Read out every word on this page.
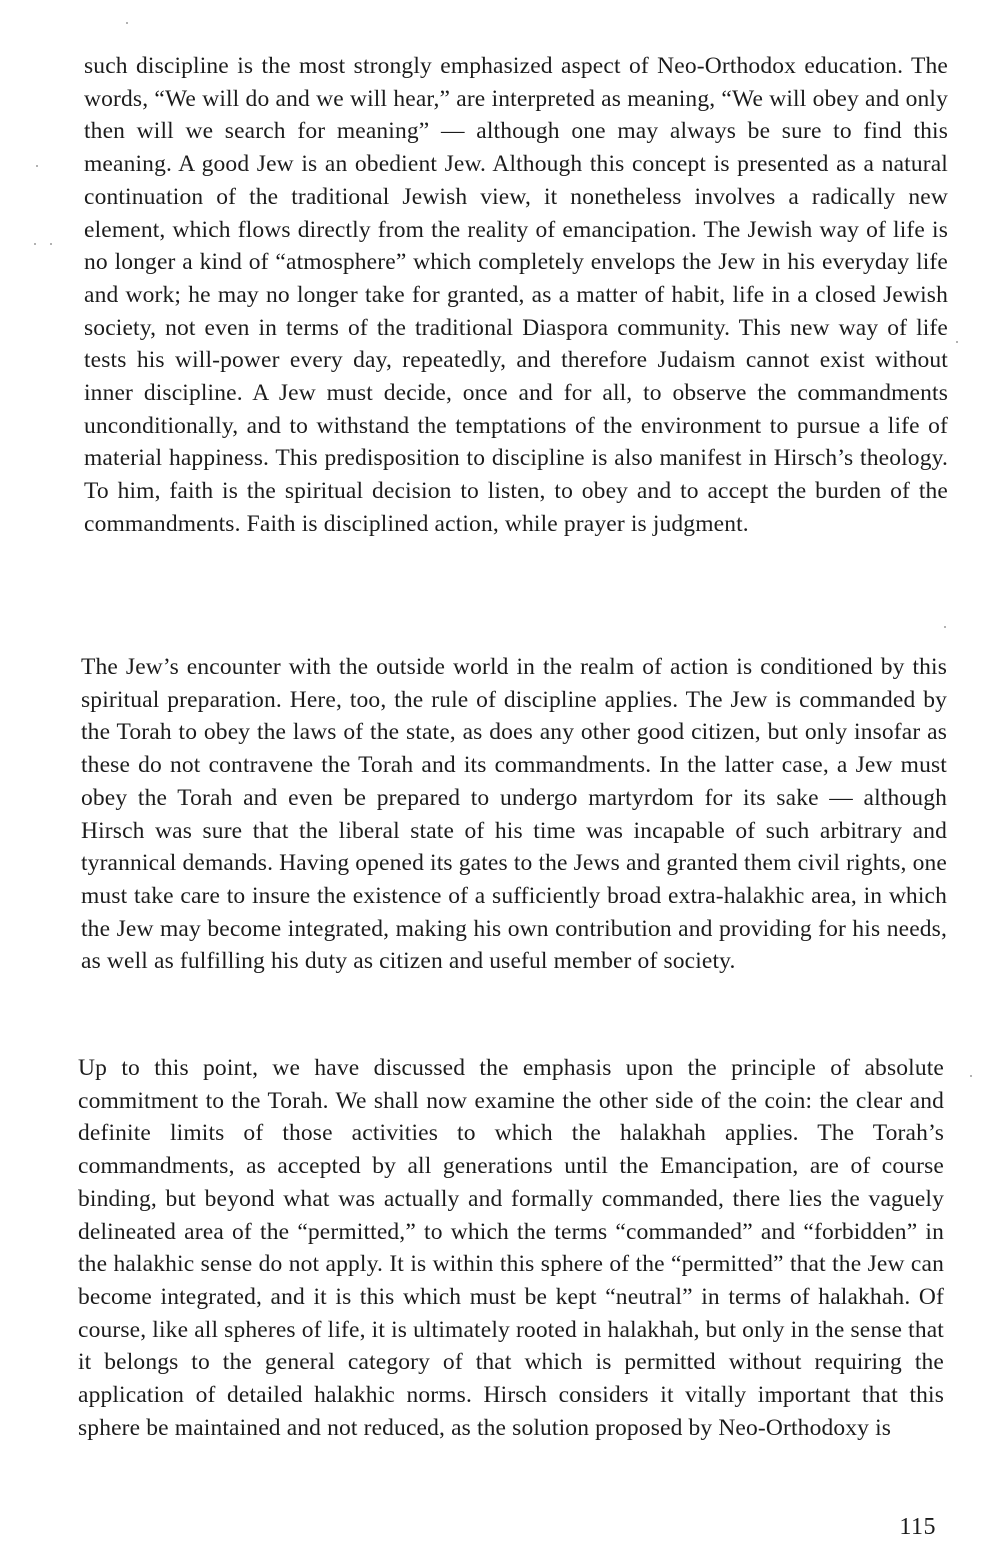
such discipline is the most strongly emphasized aspect of Neo-Orthodox education. The words, “We will do and we will hear,” are interpreted as meaning, “We will obey and only then will we search for meaning” — although one may always be sure to find this meaning. A good Jew is an obedient Jew. Although this concept is presented as a natural continuation of the traditional Jewish view, it nonetheless involves a radically new element, which flows directly from the reality of emancipation. The Jewish way of life is no longer a kind of “atmosphere” which completely envelops the Jew in his everyday life and work; he may no longer take for granted, as a matter of habit, life in a closed Jewish society, not even in terms of the traditional Diaspora community. This new way of life tests his will-power every day, repeatedly, and therefore Judaism cannot exist without inner discipline. A Jew must decide, once and for all, to observe the commandments unconditionally, and to withstand the temptations of the environment to pursue a life of material happiness. This predisposition to discipline is also manifest in Hirsch’s theology. To him, faith is the spiritual decision to listen, to obey and to accept the burden of the commandments. Faith is disciplined action, while prayer is judgment.

The Jew’s encounter with the outside world in the realm of action is conditioned by this spiritual preparation. Here, too, the rule of discipline applies. The Jew is commanded by the Torah to obey the laws of the state, as does any other good citizen, but only insofar as these do not contravene the Torah and its commandments. In the latter case, a Jew must obey the Torah and even be prepared to undergo martyrdom for its sake — although Hirsch was sure that the liberal state of his time was incapable of such arbitrary and tyrannical demands. Having opened its gates to the Jews and granted them civil rights, one must take care to insure the existence of a sufficiently broad extra-halakhic area, in which the Jew may become integrated, making his own contribution and providing for his needs, as well as fulfilling his duty as citizen and useful member of society.

Up to this point, we have discussed the emphasis upon the principle of absolute commitment to the Torah. We shall now examine the other side of the coin: the clear and definite limits of those activities to which the halakhah applies. The Torah’s commandments, as accepted by all generations until the Emancipation, are of course binding, but beyond what was actually and formally commanded, there lies the vaguely delineated area of the “permitted,” to which the terms “commanded” and “forbidden” in the halakhic sense do not apply. It is within this sphere of the “permitted” that the Jew can become integrated, and it is this which must be kept “neutral” in terms of halakhah. Of course, like all spheres of life, it is ultimately rooted in halakhah, but only in the sense that it belongs to the general category of that which is permitted without requiring the application of detailed halakhic norms. Hirsch considers it vitally important that this sphere be maintained and not reduced, as the solution proposed by Neo-Orthodoxy is

115
